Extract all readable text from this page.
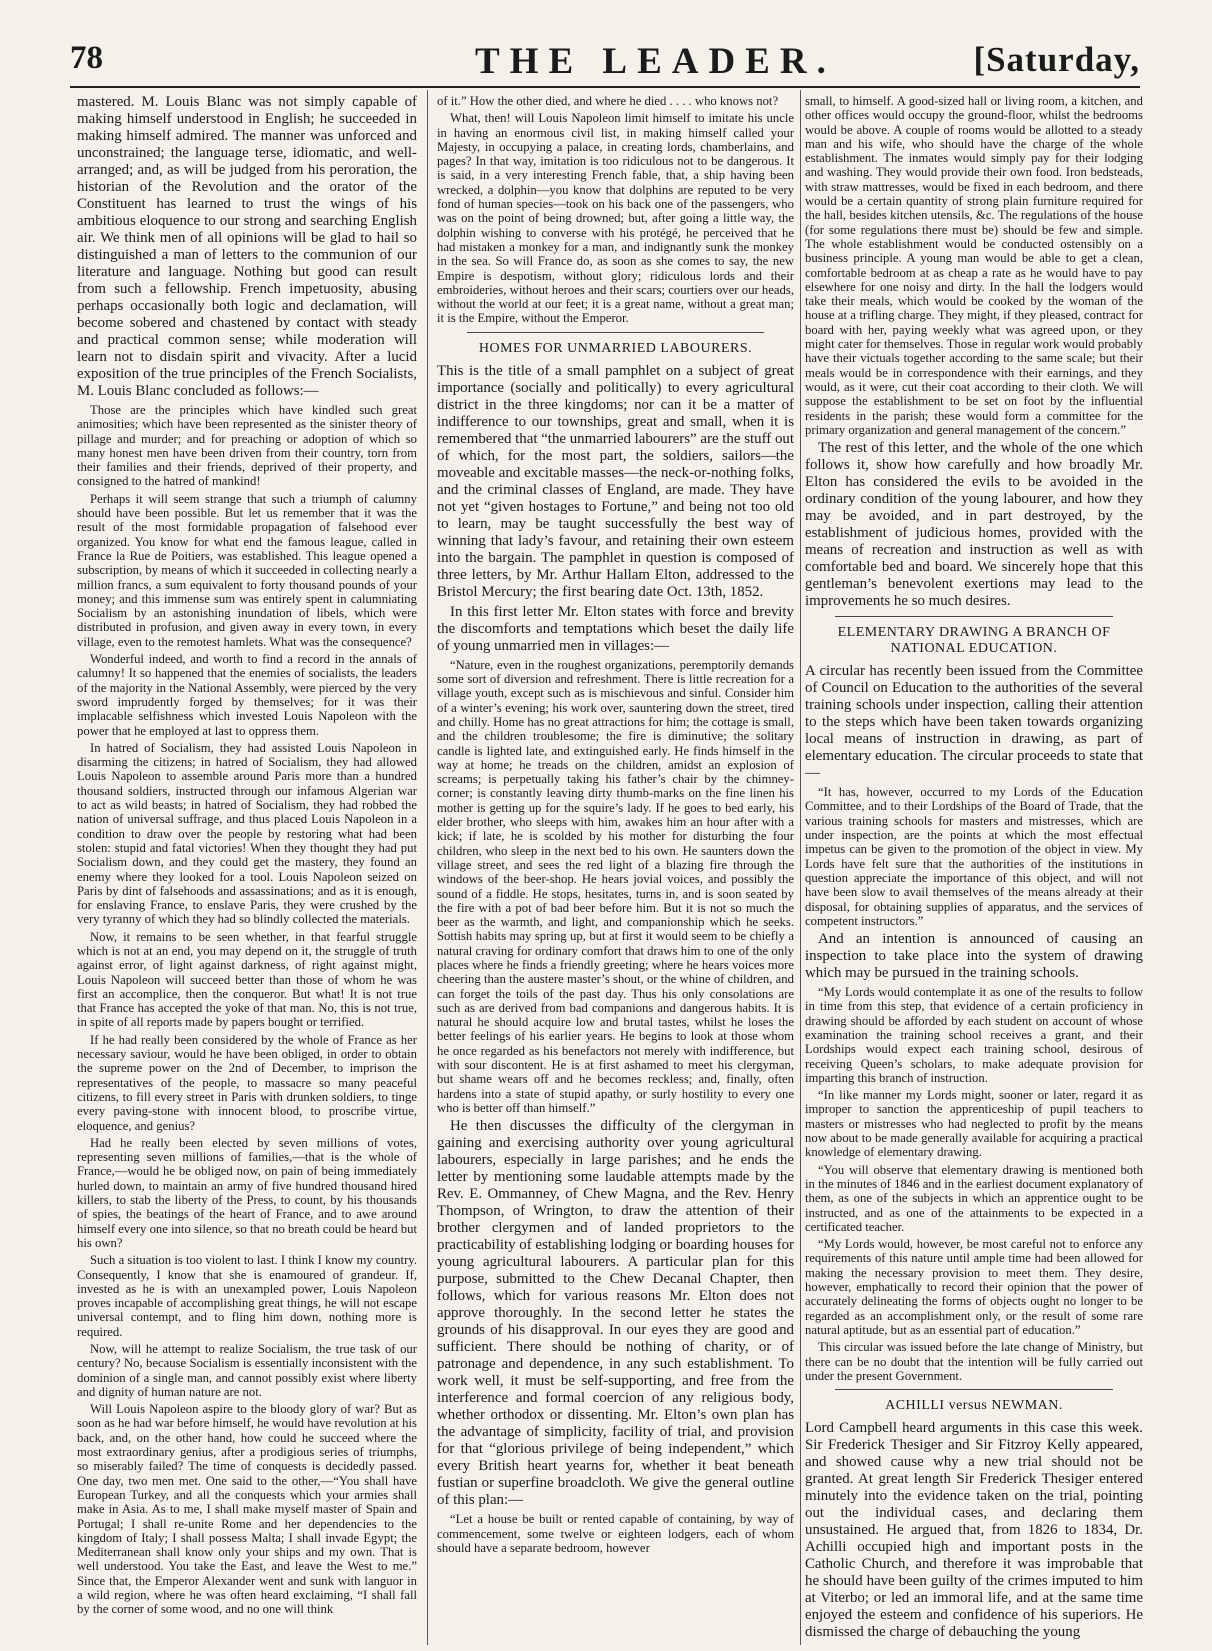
78	THE LEADER.	[Saturday,

mastered. M. Louis Blanc was not simply capable of making himself understood in English; he succeeded in making himself admired. The manner was unforced and unconstrained; the language terse, idiomatic, and well-arranged; and, as will be judged from his peroration, the historian of the Revolution and the orator of the Constituent has learned to trust the wings of his ambitious eloquence to our strong and searching English air. We think men of all opinions will be glad to hail so distinguished a man of letters to the communion of our literature and language. Nothing but good can result from such a fellowship. French impetuosity, abusing perhaps occasionally both logic and declamation, will become sobered and chastened by contact with steady and practical common sense; while moderation will learn not to disdain spirit and vivacity. After a lucid exposition of the true principles of the French Socialists, M. Louis Blanc concluded as follows:—

Those are the principles which have kindled such great animosities; which have been represented as the sinister theory of pillage and murder; and for preaching or adoption of which so many honest men have been driven from their country, torn from their families and their friends, deprived of their property, and consigned to the hatred of mankind!

Perhaps it will seem strange that such a triumph of calumny should have been possible. But let us remember that it was the result of the most formidable propagation of falsehood ever organized. You know for what end the famous league, called in France la Rue de Poitiers, was established. This league opened a subscription, by means of which it succeeded in collecting nearly a million francs, a sum equivalent to forty thousand pounds of your money; and this immense sum was entirely spent in calumniating Socialism by an astonishing inundation of libels, which were distributed in profusion, and given away in every town, in every village, even to the remotest hamlets. What was the consequence?

Wonderful indeed, and worth to find a record in the annals of calumny! It so happened that the enemies of socialists, the leaders of the majority in the National Assembly, were pierced by the very sword imprudently forged by themselves; for it was their implacable selfishness which invested Louis Napoleon with the power that he employed at last to oppress them.

In hatred of Socialism, they had assisted Louis Napoleon in disarming the citizens; in hatred of Socialism, they had allowed Louis Napoleon to assemble around Paris more than a hundred thousand soldiers, instructed through our infamous Algerian war to act as wild beasts; in hatred of Socialism, they had robbed the nation of universal suffrage, and thus placed Louis Napoleon in a condition to draw over the people by restoring what had been stolen: stupid and fatal victories! When they thought they had put Socialism down, and they could get the mastery, they found an enemy where they looked for a tool. Louis Napoleon seized on Paris by dint of falsehoods and assassinations; and as it is enough, for enslaving France, to enslave Paris, they were crushed by the very tyranny of which they had so blindly collected the materials.

Now, it remains to be seen whether, in that fearful struggle which is not at an end, you may depend on it, the struggle of truth against error, of light against darkness, of right against might, Louis Napoleon will succeed better than those of whom he was first an accomplice, then the conqueror. But what! It is not true that France has accepted the yoke of that man. No, this is not true, in spite of all reports made by papers bought or terrified.

If he had really been considered by the whole of France as her necessary saviour, would he have been obliged, in order to obtain the supreme power on the 2nd of December, to imprison the representatives of the people, to massacre so many peaceful citizens, to fill every street in Paris with drunken soldiers, to tinge every paving-stone with innocent blood, to proscribe virtue, eloquence, and genius?

Had he really been elected by seven millions of votes, representing seven millions of families,—that is the whole of France,—would he be obliged now, on pain of being immediately hurled down, to maintain an army of five hundred thousand hired killers, to stab the liberty of the Press, to count, by his thousands of spies, the beatings of the heart of France, and to awe around himself every one into silence, so that no breath could be heard but his own?

Such a situation is too violent to last. I think I know my country. Consequently, I know that she is enamoured of grandeur. If, invested as he is with an unexampled power, Louis Napoleon proves incapable of accomplishing great things, he will not escape universal contempt, and to fling him down, nothing more is required.

Now, will he attempt to realize Socialism, the true task of our century? No, because Socialism is essentially inconsistent with the dominion of a single man, and cannot possibly exist where liberty and dignity of human nature are not.

Will Louis Napoleon aspire to the bloody glory of war? But as soon as he had war before himself, he would have revolution at his back, and, on the other hand, how could he succeed where the most extraordinary genius, after a prodigious series of triumphs, so miserably failed? The time of conquests is decidedly passed. One day, two men met. One said to the other,—“You shall have European Turkey, and all the conquests which your armies shall make in Asia. As to me, I shall make myself master of Spain and Portugal; I shall re-unite Rome and her dependencies to the kingdom of Italy; I shall possess Malta; I shall invade Egypt; the Mediterranean shall know only your ships and my own. That is well understood. You take the East, and leave the West to me.” Since that, the Emperor Alexander went and sunk with languor in a wild region, where he was often heard exclaiming, “I shall fall by the corner of some wood, and no one will think

of it.” How the other died, and where he died . . . . who knows not?

What, then! will Louis Napoleon limit himself to imitate his uncle in having an enormous civil list, in making himself called your Majesty, in occupying a palace, in creating lords, chamberlains, and pages? In that way, imitation is too ridiculous not to be dangerous. It is said, in a very interesting French fable, that, a ship having been wrecked, a dolphin—you know that dolphins are reputed to be very fond of human species—took on his back one of the passengers, who was on the point of being drowned; but, after going a little way, the dolphin wishing to converse with his protégé, he perceived that he had mistaken a monkey for a man, and indignantly sunk the monkey in the sea. So will France do, as soon as she comes to say, the new Empire is despotism, without glory; ridiculous lords and their embroideries, without heroes and their scars; courtiers over our heads, without the world at our feet; it is a great name, without a great man; it is the Empire, without the Emperor.

HOMES FOR UNMARRIED LABOURERS.

This is the title of a small pamphlet on a subject of great importance (socially and politically) to every agricultural district in the three kingdoms; nor can it be a matter of indifference to our townships, great and small, when it is remembered that “the unmarried labourers” are the stuff out of which, for the most part, the soldiers, sailors—the moveable and excitable masses—the neck-or-nothing folks, and the criminal classes of England, are made. They have not yet “given hostages to Fortune,” and being not too old to learn, may be taught successfully the best way of winning that lady’s favour, and retaining their own esteem into the bargain. The pamphlet in question is composed of three letters, by Mr. Arthur Hallam Elton, addressed to the Bristol Mercury; the first bearing date Oct. 13th, 1852.

In this first letter Mr. Elton states with force and brevity the discomforts and temptations which beset the daily life of young unmarried men in villages:—

“Nature, even in the roughest organizations, peremptorily demands some sort of diversion and refreshment. There is little recreation for a village youth, except such as is mischievous and sinful. Consider him of a winter’s evening; his work over, sauntering down the street, tired and chilly. Home has no great attractions for him; the cottage is small, and the children troublesome; the fire is diminutive; the solitary candle is lighted late, and extinguished early. He finds himself in the way at home; he treads on the children, amidst an explosion of screams; is perpetually taking his father’s chair by the chimney-corner; is constantly leaving dirty thumb-marks on the fine linen his mother is getting up for the squire’s lady. If he goes to bed early, his elder brother, who sleeps with him, awakes him an hour after with a kick; if late, he is scolded by his mother for disturbing the four children, who sleep in the next bed to his own. He saunters down the village street, and sees the red light of a blazing fire through the windows of the beer-shop. He hears jovial voices, and possibly the sound of a fiddle. He stops, hesitates, turns in, and is soon seated by the fire with a pot of bad beer before him. But it is not so much the beer as the warmth, and light, and companionship which he seeks. Sottish habits may spring up, but at first it would seem to be chiefly a natural craving for ordinary comfort that draws him to one of the only places where he finds a friendly greeting; where he hears voices more cheering than the austere master’s shout, or the whine of children, and can forget the toils of the past day. Thus his only consolations are such as are derived from bad companions and dangerous habits. It is natural he should acquire low and brutal tastes, whilst he loses the better feelings of his earlier years. He begins to look at those whom he once regarded as his benefactors not merely with indifference, but with sour discontent. He is at first ashamed to meet his clergyman, but shame wears off and he becomes reckless; and, finally, often hardens into a state of stupid apathy, or surly hostility to every one who is better off than himself.”

He then discusses the difficulty of the clergyman in gaining and exercising authority over young agricultural labourers, especially in large parishes; and he ends the letter by mentioning some laudable attempts made by the Rev. E. Ommanney, of Chew Magna, and the Rev. Henry Thompson, of Wrington, to draw the attention of their brother clergymen and of landed proprietors to the practicability of establishing lodging or boarding houses for young agricultural labourers. A particular plan for this purpose, submitted to the Chew Decanal Chapter, then follows, which for various reasons Mr. Elton does not approve thoroughly. In the second letter he states the grounds of his disapproval. In our eyes they are good and sufficient. There should be nothing of charity, or of patronage and dependence, in any such establishment. To work well, it must be self-supporting, and free from the interference and formal coercion of any religious body, whether orthodox or dissenting. Mr. Elton’s own plan has the advantage of simplicity, facility of trial, and provision for that “glorious privilege of being independent,” which every British heart yearns for, whether it beat beneath fustian or superfine broadcloth. We give the general outline of this plan:—

“Let a house be built or rented capable of containing, by way of commencement, some twelve or eighteen lodgers, each of whom should have a separate bedroom, however

small, to himself. A good-sized hall or living room, a kitchen, and other offices would occupy the ground-floor, whilst the bedrooms would be above. A couple of rooms would be allotted to a steady man and his wife, who should have the charge of the whole establishment. The inmates would simply pay for their lodging and washing. They would provide their own food. Iron bedsteads, with straw mattresses, would be fixed in each bedroom, and there would be a certain quantity of strong plain furniture required for the hall, besides kitchen utensils, &c. The regulations of the house (for some regulations there must be) should be few and simple. The whole establishment would be conducted ostensibly on a business principle. A young man would be able to get a clean, comfortable bedroom at as cheap a rate as he would have to pay elsewhere for one noisy and dirty. In the hall the lodgers would take their meals, which would be cooked by the woman of the house at a trifling charge. They might, if they pleased, contract for board with her, paying weekly what was agreed upon, or they might cater for themselves. Those in regular work would probably have their victuals together according to the same scale; but their meals would be in correspondence with their earnings, and they would, as it were, cut their coat according to their cloth. We will suppose the establishment to be set on foot by the influential residents in the parish; these would form a committee for the primary organization and general management of the concern.”

The rest of this letter, and the whole of the one which follows it, show how carefully and how broadly Mr. Elton has considered the evils to be avoided in the ordinary condition of the young labourer, and how they may be avoided, and in part destroyed, by the establishment of judicious homes, provided with the means of recreation and instruction as well as with comfortable bed and board. We sincerely hope that this gentleman’s benevolent exertions may lead to the improvements he so much desires.

ELEMENTARY DRAWING A BRANCH OF NATIONAL EDUCATION.

A circular has recently been issued from the Committee of Council on Education to the authorities of the several training schools under inspection, calling their attention to the steps which have been taken towards organizing local means of instruction in drawing, as part of elementary education. The circular proceeds to state that—

“It has, however, occurred to my Lords of the Education Committee, and to their Lordships of the Board of Trade, that the various training schools for masters and mistresses, which are under inspection, are the points at which the most effectual impetus can be given to the promotion of the object in view. My Lords have felt sure that the authorities of the institutions in question appreciate the importance of this object, and will not have been slow to avail themselves of the means already at their disposal, for obtaining supplies of apparatus, and the services of competent instructors.”

And an intention is announced of causing an inspection to take place into the system of drawing which may be pursued in the training schools.

“My Lords would contemplate it as one of the results to follow in time from this step, that evidence of a certain proficiency in drawing should be afforded by each student on account of whose examination the training school receives a grant, and their Lordships would expect each training school, desirous of receiving Queen’s scholars, to make adequate provision for imparting this branch of instruction.

“In like manner my Lords might, sooner or later, regard it as improper to sanction the apprenticeship of pupil teachers to masters or mistresses who had neglected to profit by the means now about to be made generally available for acquiring a practical knowledge of elementary drawing.

“You will observe that elementary drawing is mentioned both in the minutes of 1846 and in the earliest document explanatory of them, as one of the subjects in which an apprentice ought to be instructed, and as one of the attainments to be expected in a certificated teacher.

“My Lords would, however, be most careful not to enforce any requirements of this nature until ample time had been allowed for making the necessary provision to meet them. They desire, however, emphatically to record their opinion that the power of accurately delineating the forms of objects ought no longer to be regarded as an accomplishment only, or the result of some rare natural aptitude, but as an essential part of education.”

This circular was issued before the late change of Ministry, but there can be no doubt that the intention will be fully carried out under the present Government.

ACHILLI versus NEWMAN.

Lord Campbell heard arguments in this case this week. Sir Frederick Thesiger and Sir Fitzroy Kelly appeared, and showed cause why a new trial should not be granted. At great length Sir Frederick Thesiger entered minutely into the evidence taken on the trial, pointing out the individual cases, and declaring them unsustained. He argued that, from 1826 to 1834, Dr. Achilli occupied high and important posts in the Catholic Church, and therefore it was improbable that he should have been guilty of the crimes imputed to him at Viterbo; or led an immoral life, and at the same time enjoyed the esteem and confidence of his superiors. He dismissed the charge of debauching the young
